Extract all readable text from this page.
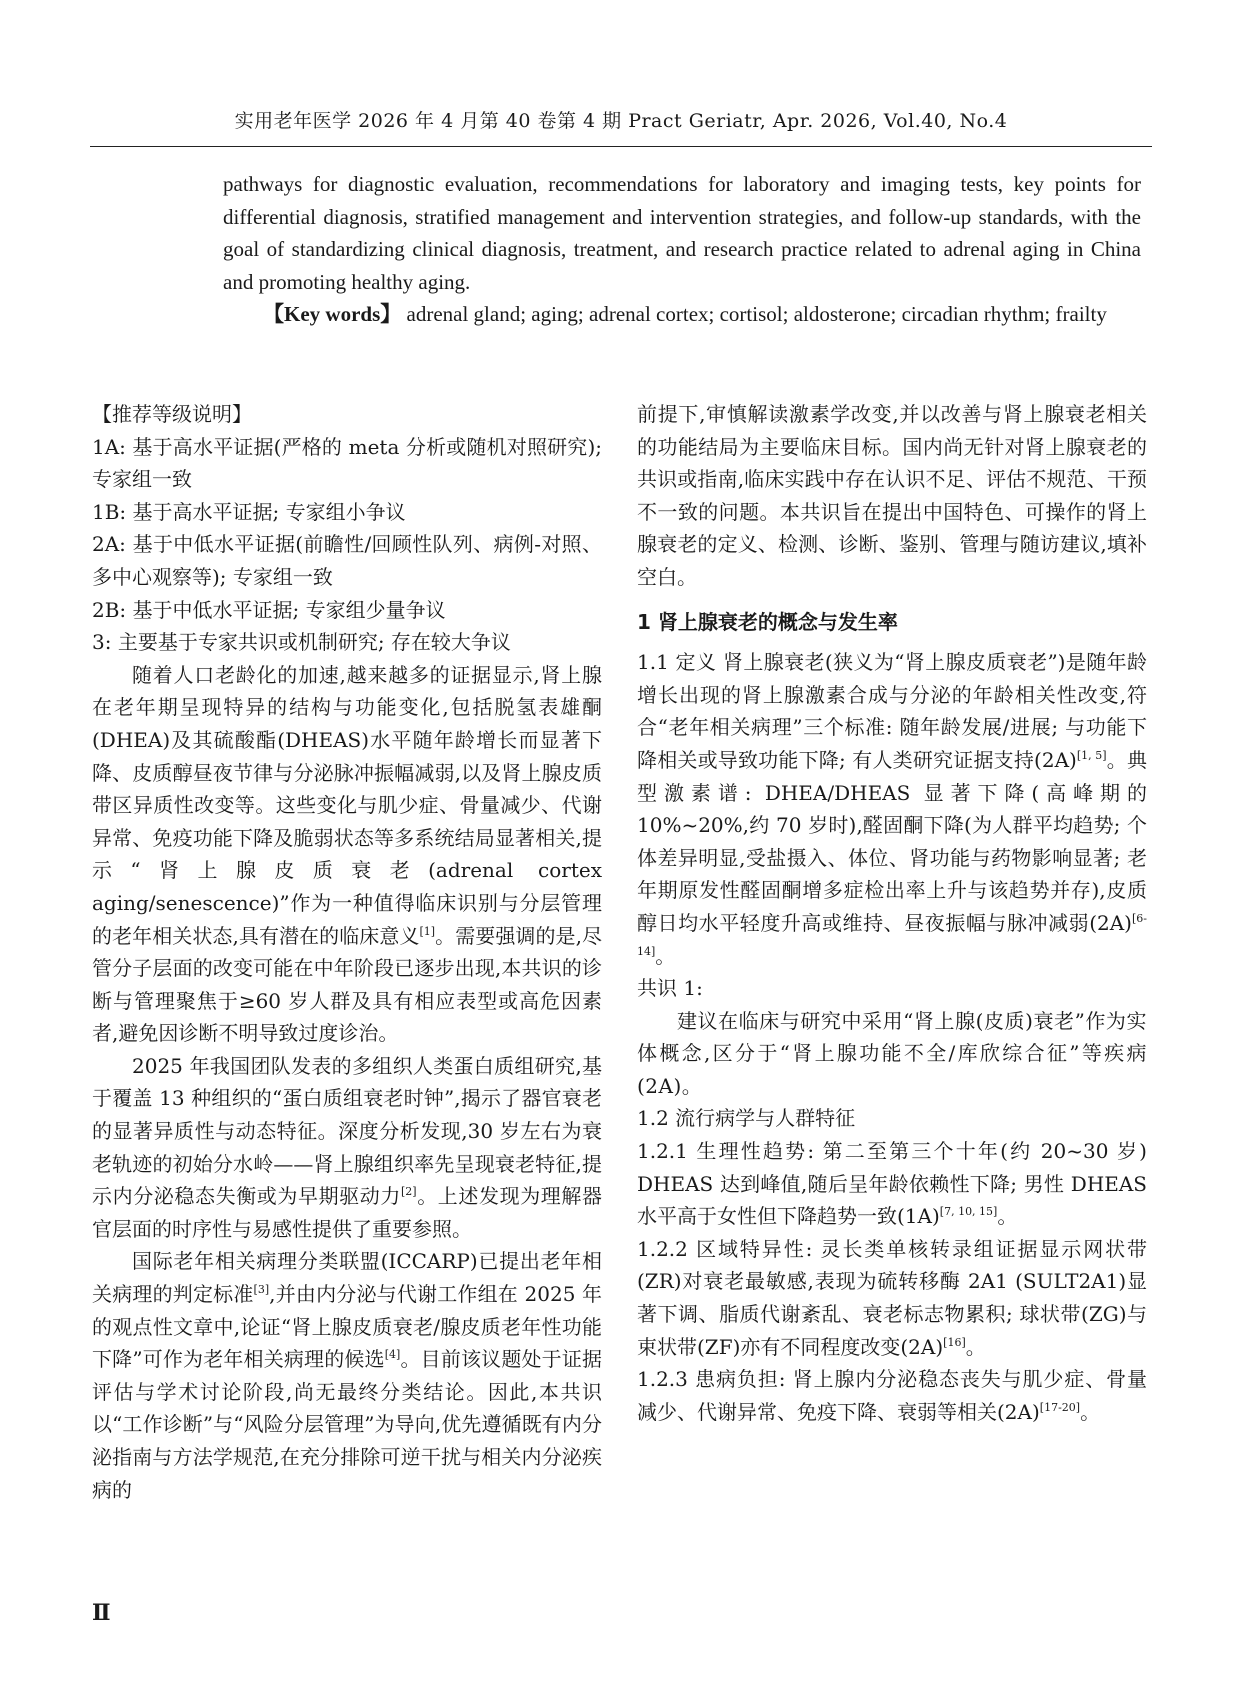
实用老年医学 2026 年 4 月第 40 卷第 4 期 Pract Geriatr, Apr. 2026, Vol.40, No.4
pathways for diagnostic evaluation, recommendations for laboratory and imaging tests, key points for differential diagnosis, stratified management and intervention strategies, and follow-up standards, with the goal of standardizing clinical diagnosis, treatment, and research practice related to adrenal aging in China and promoting healthy aging.
【Key words】 adrenal gland; aging; adrenal cortex; cortisol; aldosterone; circadian rhythm; frailty

【推荐等级说明】

1A: 基于高水平证据(严格的 meta 分析或随机对照研究); 专家组一致

1B: 基于高水平证据; 专家组小争议

2A: 基于中低水平证据(前瞻性/回顾性队列、病例-对照、多中心观察等); 专家组一致

2B: 基于中低水平证据; 专家组少量争议

3: 主要基于专家共识或机制研究; 存在较大争议

随着人口老龄化的加速,越来越多的证据显示,肾上腺在老年期呈现特异的结构与功能变化,包括脱氢表雄酮(DHEA)及其硫酸酯(DHEAS)水平随年龄增长而显著下降、皮质醇昼夜节律与分泌脉冲振幅减弱,以及肾上腺皮质带区异质性改变等。这些变化与肌少症、骨量减少、代谢异常、免疫功能下降及脆弱状态等多系统结局显著相关,提示“肾上腺皮质衰老(adrenal cortex aging/senescence)”作为一种值得临床识别与分层管理的老年相关状态,具有潜在的临床意义[1]。需要强调的是,尽管分子层面的改变可能在中年阶段已逐步出现,本共识的诊断与管理聚焦于≥60 岁人群及具有相应表型或高危因素者,避免因诊断不明导致过度诊治。

2025 年我国团队发表的多组织人类蛋白质组研究,基于覆盖 13 种组织的“蛋白质组衰老时钟”,揭示了器官衰老的显著异质性与动态特征。深度分析发现,30 岁左右为衰老轨迹的初始分水岭——肾上腺组织率先呈现衰老特征,提示内分泌稳态失衡或为早期驱动力[2]。上述发现为理解器官层面的时序性与易感性提供了重要参照。

国际老年相关病理分类联盟(ICCARP)已提出老年相关病理的判定标准[3],并由内分泌与代谢工作组在 2025 年的观点性文章中,论证“肾上腺皮质衰老/腺皮质老年性功能下降”可作为老年相关病理的候选[4]。目前该议题处于证据评估与学术讨论阶段,尚无最终分类结论。因此,本共识以“工作诊断”与“风险分层管理”为导向,优先遵循既有内分泌指南与方法学规范,在充分排除可逆干扰与相关内分泌疾病的

前提下,审慎解读激素学改变,并以改善与肾上腺衰老相关的功能结局为主要临床目标。国内尚无针对肾上腺衰老的共识或指南,临床实践中存在认识不足、评估不规范、干预不一致的问题。本共识旨在提出中国特色、可操作的肾上腺衰老的定义、检测、诊断、鉴别、管理与随访建议,填补空白。

1 肾上腺衰老的概念与发生率

1.1 定义 肾上腺衰老(狭义为“肾上腺皮质衰老”)是随年龄增长出现的肾上腺激素合成与分泌的年龄相关性改变,符合“老年相关病理”三个标准: 随年龄发展/进展; 与功能下降相关或导致功能下降; 有人类研究证据支持(2A)[1, 5]。典型激素谱: DHEA/DHEAS 显著下降(高峰期的 10%~20%,约 70 岁时),醛固酮下降(为人群平均趋势; 个体差异明显,受盐摄入、体位、肾功能与药物影响显著; 老年期原发性醛固酮增多症检出率上升与该趋势并存),皮质醇日均水平轻度升高或维持、昼夜振幅与脉冲减弱(2A)[6-14]。

共识 1:

建议在临床与研究中采用“肾上腺(皮质)衰老”作为实体概念,区分于“肾上腺功能不全/库欣综合征”等疾病(2A)。

1.2 流行病学与人群特征

1.2.1 生理性趋势: 第二至第三个十年(约 20~30 岁) DHEAS 达到峰值,随后呈年龄依赖性下降; 男性 DHEAS 水平高于女性但下降趋势一致(1A)[7, 10, 15]。

1.2.2 区域特异性: 灵长类单核转录组证据显示网状带(ZR)对衰老最敏感,表现为硫转移酶 2A1 (SULT2A1)显著下调、脂质代谢紊乱、衰老标志物累积; 球状带(ZG)与束状带(ZF)亦有不同程度改变(2A)[16]。

1.2.3 患病负担: 肾上腺内分泌稳态丧失与肌少症、骨量减少、代谢异常、免疫下降、衰弱等相关(2A)[17-20]。

Ⅱ
